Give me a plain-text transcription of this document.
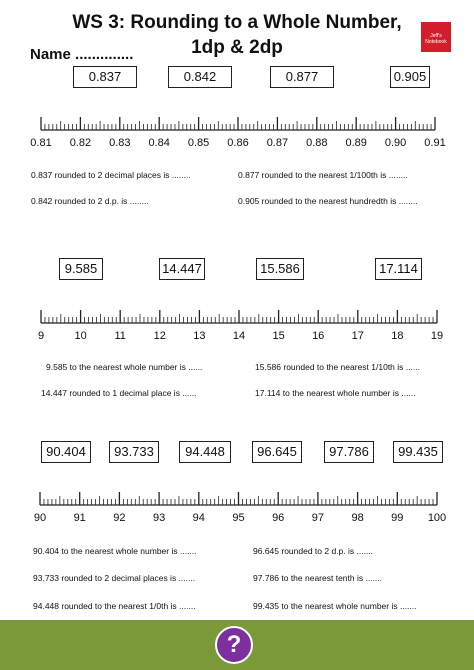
WS 3: Rounding to a Whole Number,
1dp & 2dp
Name ..............
Jeff's
Notebook
0.837	0.842	0.877	0.905
0.81 0.82 0.83 0.84 0.85 0.86 0.87 0.88 0.89 0.90 0.91
9	10	11	12 13 14 15 16 17 18 19
90 91 92 93 94 95 96 97 98 99 100
0.837 rounded to 2 decimal places is ........	0.877 rounded to the nearest 1/100th is ........
0.842 rounded to 2 d.p. is ........	0.905 rounded to the nearest hundredth is ........
9.585	14.447	15.586	17.114
9.585 to the nearest whole number is ......	15.586 rounded to the nearest 1/10th is ......
14.447 rounded to 1 decimal place is ......	17.114 to the nearest whole number is ......
90.404	93.733	94.448	96.645	97.786	99.435
90.404 to the nearest whole number is .......	96.645 rounded to 2 d.p. is .......
93.733 rounded to 2 decimal places is .......	97.786 to the nearest tenth is .......
94.448 rounded to the nearest 1/0th is .......	99.435 to the nearest whole number is .......
?
